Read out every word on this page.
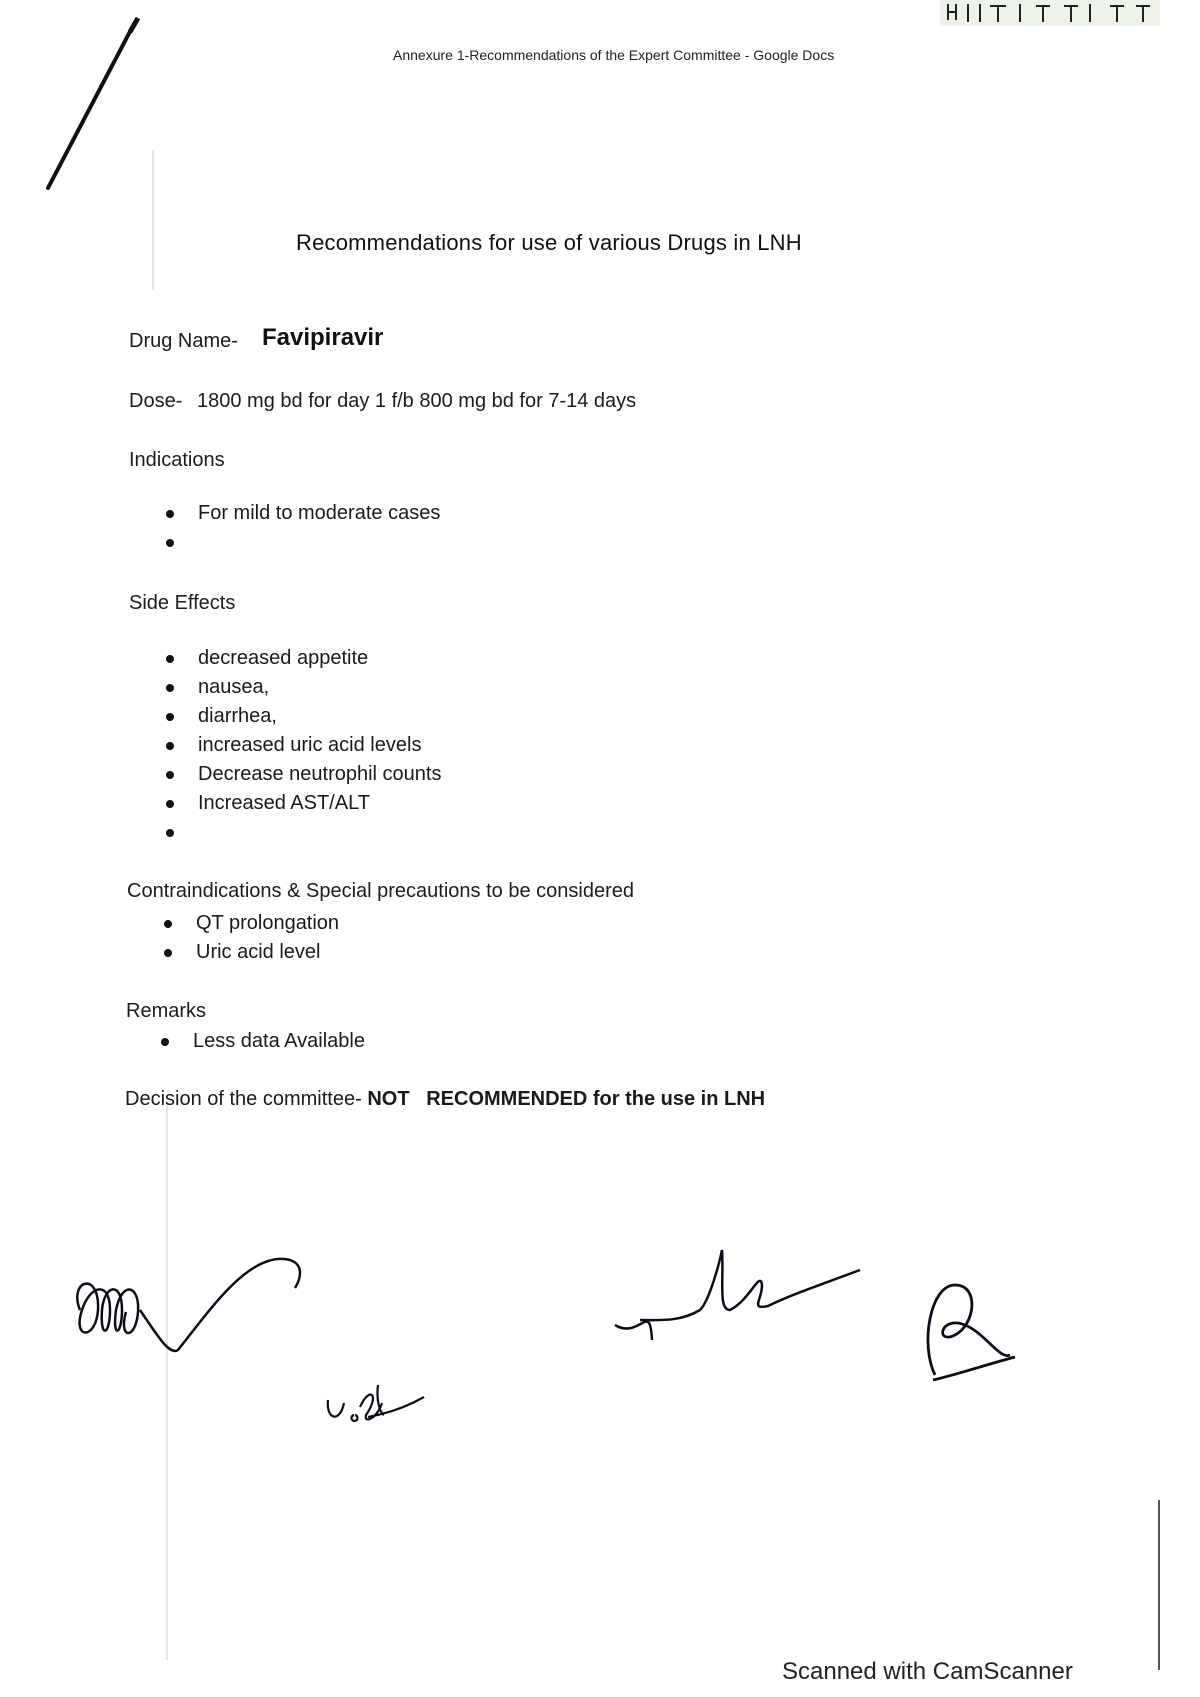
Annexure 1-Recommendations of the Expert Committee - Google Docs
Recommendations for use of various Drugs in LNH
Drug Name- Favipiravir
Dose- 1800 mg bd for day 1 f/b 800 mg bd for 7-14 days
Indications
For mild to moderate cases
Side Effects
decreased appetite
nausea,
diarrhea,
increased uric acid levels
Decrease neutrophil counts
Increased AST/ALT
Contraindications & Special precautions to be considered
QT prolongation
Uric acid level
Remarks
Less data Available
Decision of the committee- NOT RECOMMENDED for the use in LNH
Scanned with CamScanner
